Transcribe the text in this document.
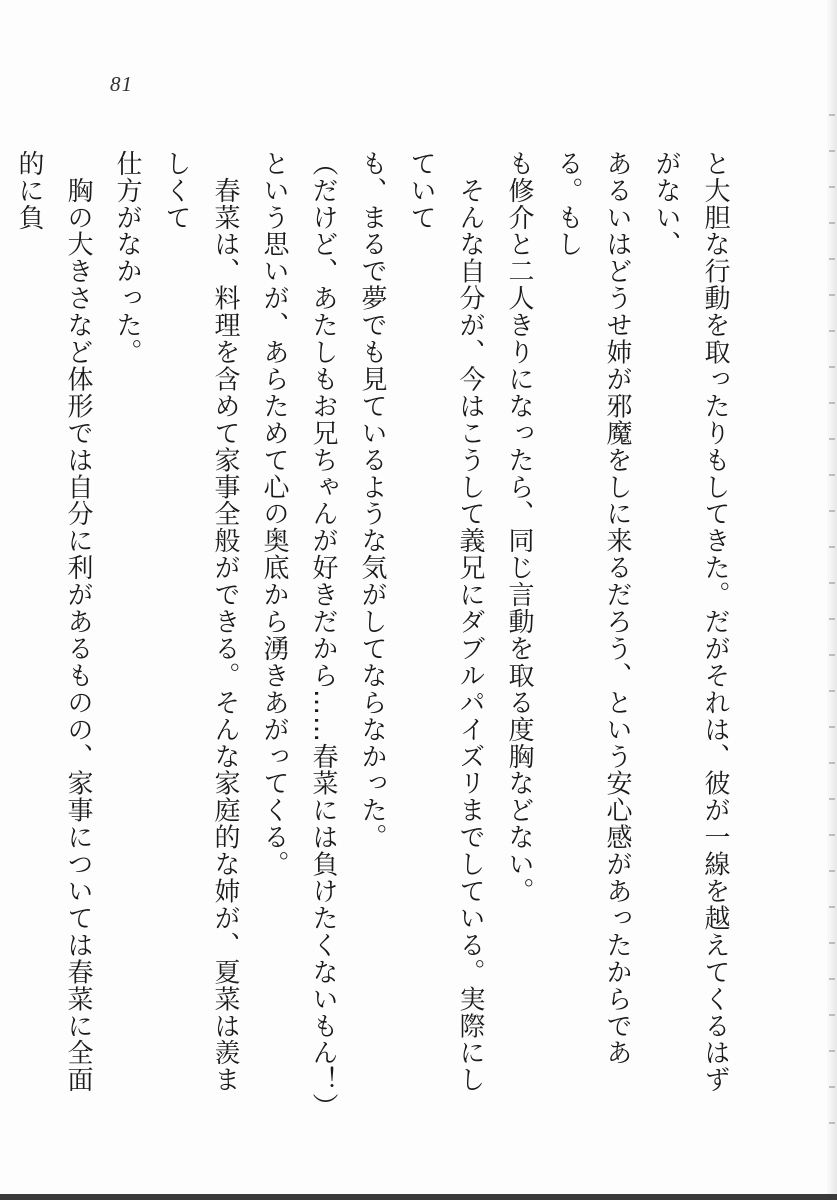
81

と大胆な行動を取ったりもしてきた。だがそれは、彼が一線を越えてくるはずがない、

あるいはどうせ姉が邪魔をしに来るだろう、という安心感があったからである。もし

も修介と二人きりになったら、同じ言動を取る度胸などない。

　そんな自分が、今はこうして義兄にダブルパイズリまでしている。実際にしていて

も、まるで夢でも見ているような気がしてならなかった。

（だけど、あたしもお兄ちゃんが好きだから……春菜には負けたくないもん！）

という思いが、あらためて心の奥底から湧きあがってくる。

　春菜は、料理を含めて家事全般ができる。そんな家庭的な姉が、夏菜は羨ましくて

仕方がなかった。

　胸の大きさなど体形では自分に利があるものの、家事については春菜に全面的に負
